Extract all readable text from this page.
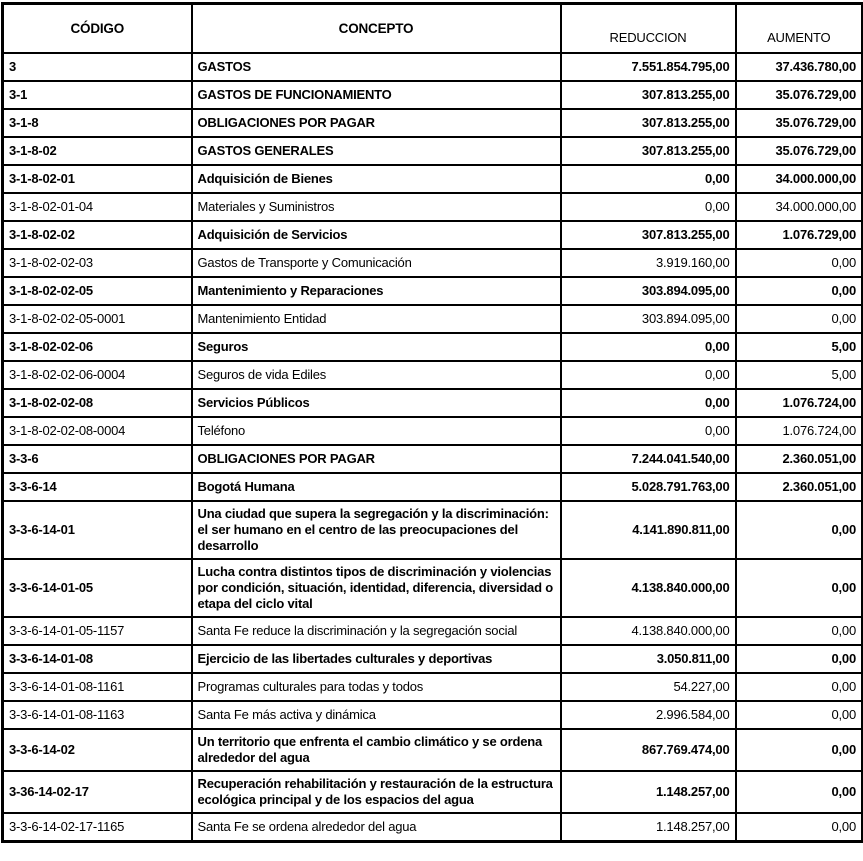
CÓDIGO	CONCEPTO	REDUCCION	AUMENTO
3	GASTOS	7.551.854.795,00	37.436.780,00
3-1	GASTOS DE FUNCIONAMIENTO	307.813.255,00	35.076.729,00
3-1-8	OBLIGACIONES POR PAGAR	307.813.255,00	35.076.729,00
3-1-8-02	GASTOS GENERALES	307.813.255,00	35.076.729,00
3-1-8-02-01	Adquisición de Bienes	0,00	34.000.000,00
3-1-8-02-01-04	Materiales y Suministros	0,00	34.000.000,00
3-1-8-02-02	Adquisición de Servicios	307.813.255,00	1.076.729,00
3-1-8-02-02-03	Gastos de Transporte y Comunicación	3.919.160,00	0,00
3-1-8-02-02-05	Mantenimiento y Reparaciones	303.894.095,00	0,00
3-1-8-02-02-05-0001	Mantenimiento Entidad	303.894.095,00	0,00
3-1-8-02-02-06	Seguros	0,00	5,00
3-1-8-02-02-06-0004	Seguros de vida Ediles	0,00	5,00
3-1-8-02-02-08	Servicios Públicos	0,00	1.076.724,00
3-1-8-02-02-08-0004	Teléfono	0,00	1.076.724,00
3-3-6	OBLIGACIONES POR PAGAR	7.244.041.540,00	2.360.051,00
3-3-6-14	Bogotá Humana	5.028.791.763,00	2.360.051,00
3-3-6-14-01	Una ciudad que supera la segregación y la discriminación: el ser humano en el centro de las preocupaciones del desarrollo	4.141.890.811,00	0,00
3-3-6-14-01-05	Lucha contra distintos tipos de discriminación y violencias por condición, situación, identidad, diferencia, diversidad o etapa del ciclo vital	4.138.840.000,00	0,00
3-3-6-14-01-05-1157	Santa Fe reduce la discriminación y la segregación social	4.138.840.000,00	0,00
3-3-6-14-01-08	Ejercicio de las libertades culturales y deportivas	3.050.811,00	0,00
3-3-6-14-01-08-1161	Programas culturales para todas y todos	54.227,00	0,00
3-3-6-14-01-08-1163	Santa Fe más activa y dinámica	2.996.584,00	0,00
3-3-6-14-02	Un territorio que enfrenta el cambio climático y se ordena alrededor del agua	867.769.474,00	0,00
3-36-14-02-17	Recuperación rehabilitación y restauración de la estructura ecológica principal y de los espacios del agua	1.148.257,00	0,00
3-3-6-14-02-17-1165	Santa Fe se ordena alrededor del agua	1.148.257,00	0,00
